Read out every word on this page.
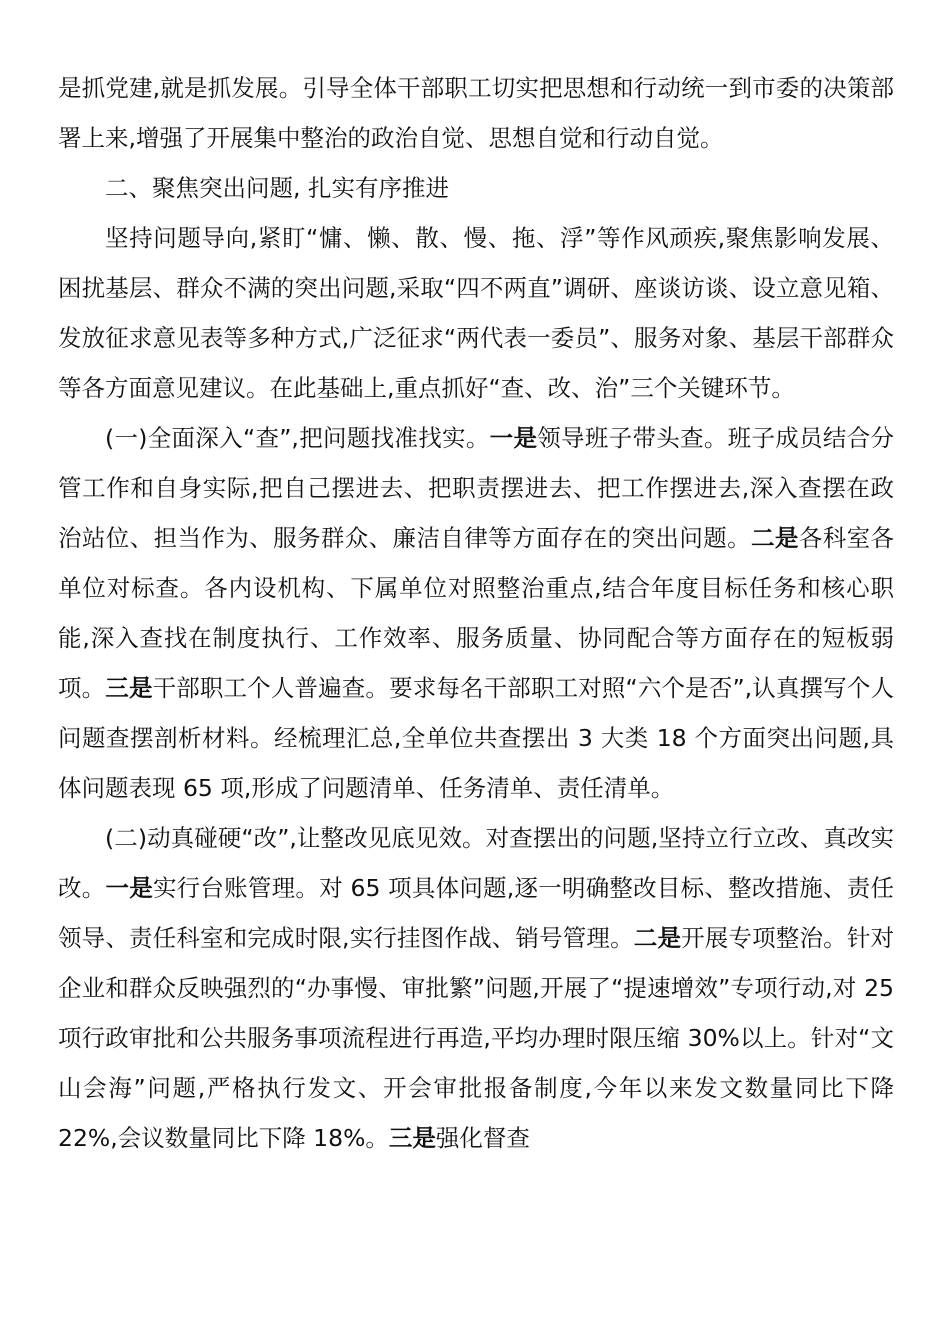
是抓党建,就是抓发展。引导全体干部职工切实把思想和行动统一到市委的决策部署上来,增强了开展集中整治的政治自觉、思想自觉和行动自觉。

二、聚焦突出问题, 扎实有序推进

坚持问题导向,紧盯“慵、懒、散、慢、拖、浮”等作风顽疾,聚焦影响发展、困扰基层、群众不满的突出问题,采取“四不两直”调研、座谈访谈、设立意见箱、发放征求意见表等多种方式,广泛征求“两代表一委员”、服务对象、基层干部群众等各方面意见建议。在此基础上,重点抓好“查、改、治”三个关键环节。

(一)全面深入“查”,把问题找准找实。一是领导班子带头查。班子成员结合分管工作和自身实际,把自己摆进去、把职责摆进去、把工作摆进去,深入查摆在政治站位、担当作为、服务群众、廉洁自律等方面存在的突出问题。二是各科室各单位对标查。各内设机构、下属单位对照整治重点,结合年度目标任务和核心职能,深入查找在制度执行、工作效率、服务质量、协同配合等方面存在的短板弱项。三是干部职工个人普遍查。要求每名干部职工对照“六个是否”,认真撰写个人问题查摆剖析材料。经梳理汇总,全单位共查摆出 3 大类 18 个方面突出问题,具体问题表现 65 项,形成了问题清单、任务清单、责任清单。

(二)动真碰硬“改”,让整改见底见效。对查摆出的问题,坚持立行立改、真改实改。一是实行台账管理。对 65 项具体问题,逐一明确整改目标、整改措施、责任领导、责任科室和完成时限,实行挂图作战、销号管理。二是开展专项整治。针对企业和群众反映强烈的“办事慢、审批繁”问题,开展了“提速增效”专项行动,对 25 项行政审批和公共服务事项流程进行再造,平均办理时限压缩 30%以上。针对“文山会海”问题,严格执行发文、开会审批报备制度,今年以来发文数量同比下降 22%,会议数量同比下降 18%。三是强化督查
